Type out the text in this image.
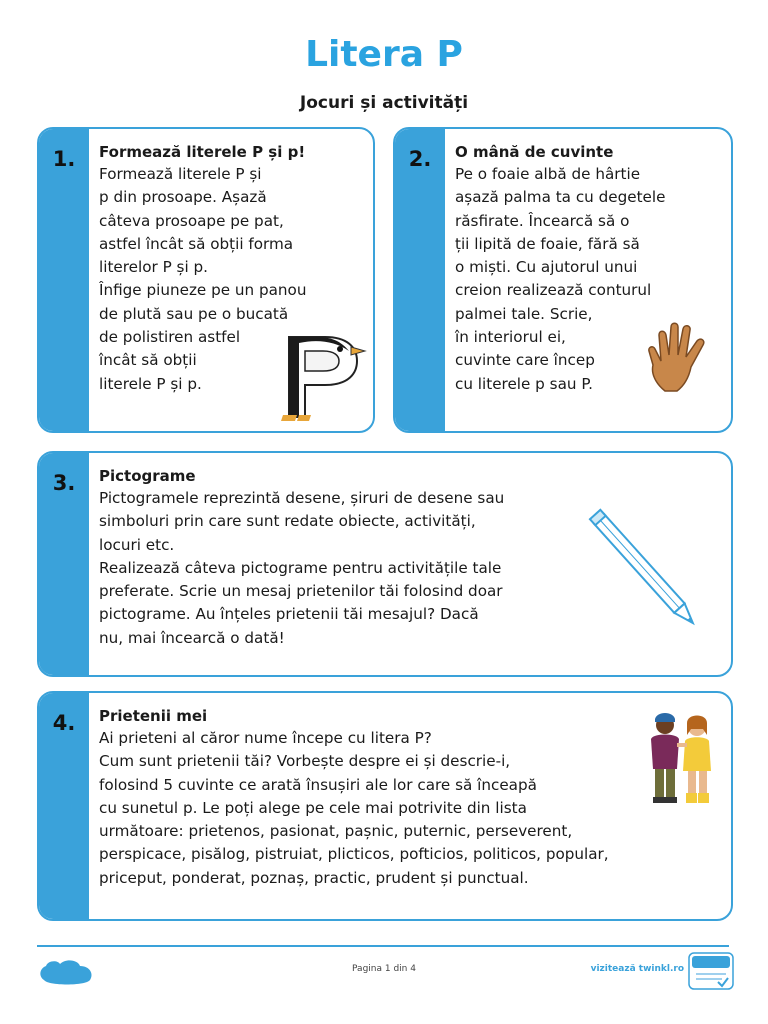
Litera P
Jocuri și activități
1.	Formează literele P și p!
Formează literele P și
p din prosoape. Așază
câteva prosoape pe pat,
astfel încât să obții forma
literelor P și p.
Înfige piuneze pe un panou
de plută sau pe o bucată
de polistiren astfel
încât să obții
literele P și p.
2.	O mână de cuvinte
Pe o foaie albă de hârtie
așază palma ta cu degetele
răsfirate. Încearcă să o
ții lipită de foaie, fără să
o miști. Cu ajutorul unui
creion realizează conturul
palmei tale. Scrie,
în interiorul ei,
cuvinte care încep
cu literele p sau P.
3.	Pictograme
Pictogramele reprezintă desene, șiruri de desene sau
simboluri prin care sunt redate obiecte, activități,
locuri etc.
Realizează câteva pictograme pentru activitățile tale
preferate. Scrie un mesaj prietenilor tăi folosind doar
pictograme. Au înțeles prietenii tăi mesajul? Dacă
nu, mai încearcă o dată!
4.	Prietenii mei
Ai prieteni al căror nume începe cu litera P?
Cum sunt prietenii tăi? Vorbește despre ei și descrie-i,
folosind 5 cuvinte ce arată însușiri ale lor care să înceapă
cu sunetul p. Le poți alege pe cele mai potrivite din lista
următoare: prietenos, pasionat, pașnic, puternic, perseverent,
perspicace, pisălog, pistruiat, plicticos, pofticios, politicos, popular,
priceput, ponderat, poznaș, practic, prudent și punctual.
Pagina 1 din 4	vizitează twinkl.ro
